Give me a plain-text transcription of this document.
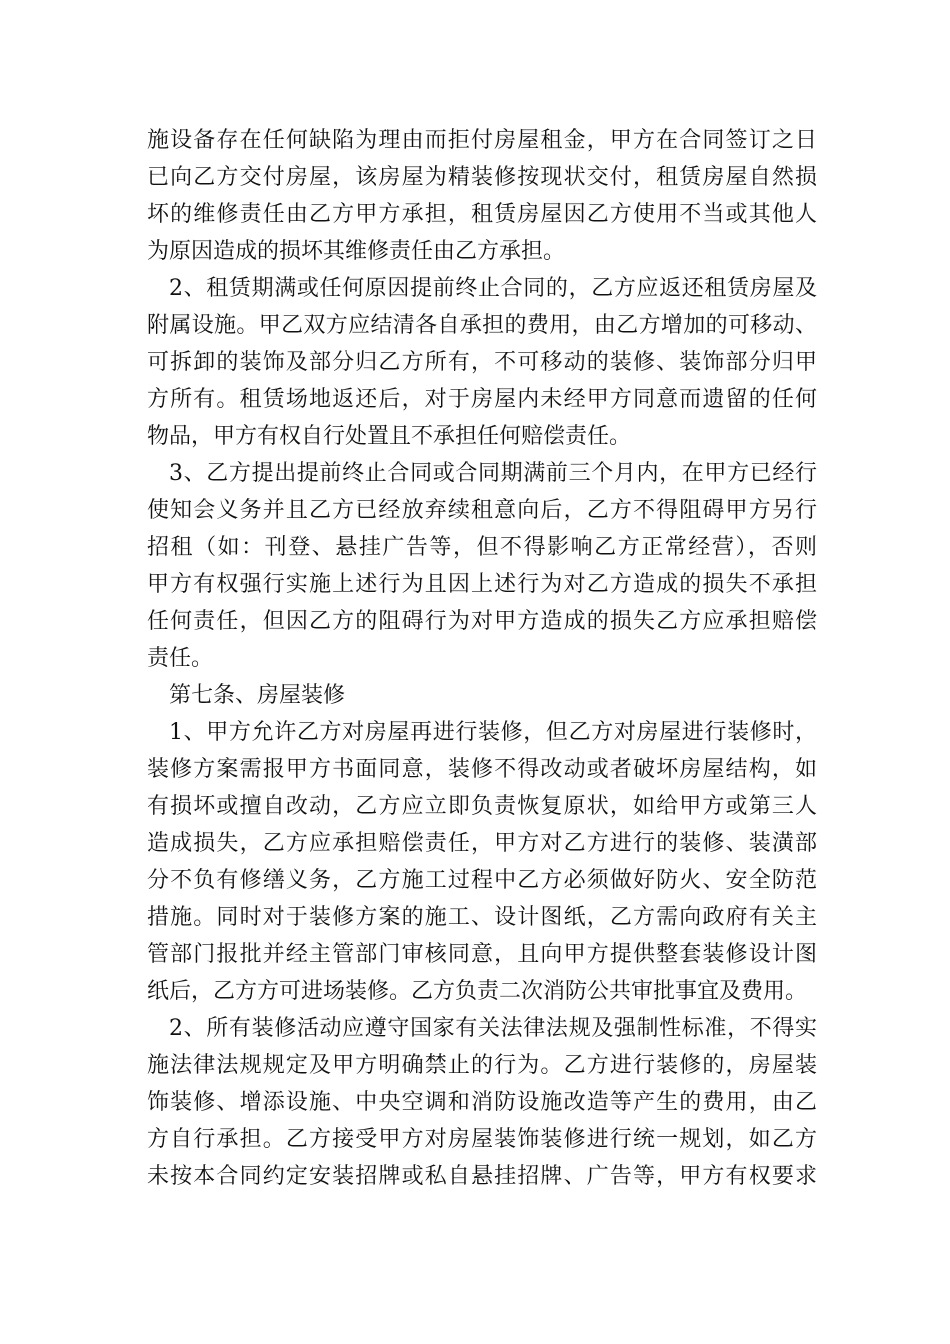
施设备存在任何缺陷为理由而拒付房屋租金，甲方在合同签订之日
已向乙方交付房屋，该房屋为精装修按现状交付，租赁房屋自然损
坏的维修责任由乙方甲方承担，租赁房屋因乙方使用不当或其他人
为原因造成的损坏其维修责任由乙方承担。
2、租赁期满或任何原因提前终止合同的，乙方应返还租赁房屋及
附属设施。甲乙双方应结清各自承担的费用，由乙方增加的可移动、
可拆卸的装饰及部分归乙方所有，不可移动的装修、装饰部分归甲
方所有。租赁场地返还后，对于房屋内未经甲方同意而遗留的任何
物品，甲方有权自行处置且不承担任何赔偿责任。
3、乙方提出提前终止合同或合同期满前三个月内，在甲方已经行
使知会义务并且乙方已经放弃续租意向后，乙方不得阻碍甲方另行
招租（如：刊登、悬挂广告等，但不得影响乙方正常经营），否则
甲方有权强行实施上述行为且因上述行为对乙方造成的损失不承担
任何责任，但因乙方的阻碍行为对甲方造成的损失乙方应承担赔偿
责任。
第七条、房屋装修
1、甲方允许乙方对房屋再进行装修，但乙方对房屋进行装修时，
装修方案需报甲方书面同意，装修不得改动或者破坏房屋结构，如
有损坏或擅自改动，乙方应立即负责恢复原状，如给甲方或第三人
造成损失，乙方应承担赔偿责任，甲方对乙方进行的装修、装潢部
分不负有修缮义务，乙方施工过程中乙方必须做好防火、安全防范
措施。同时对于装修方案的施工、设计图纸，乙方需向政府有关主
管部门报批并经主管部门审核同意，且向甲方提供整套装修设计图
纸后，乙方方可进场装修。乙方负责二次消防公共审批事宜及费用。
2、所有装修活动应遵守国家有关法律法规及强制性标准，不得实
施法律法规规定及甲方明确禁止的行为。乙方进行装修的，房屋装
饰装修、增添设施、中央空调和消防设施改造等产生的费用，由乙
方自行承担。乙方接受甲方对房屋装饰装修进行统一规划，如乙方
未按本合同约定安装招牌或私自悬挂招牌、广告等，甲方有权要求
